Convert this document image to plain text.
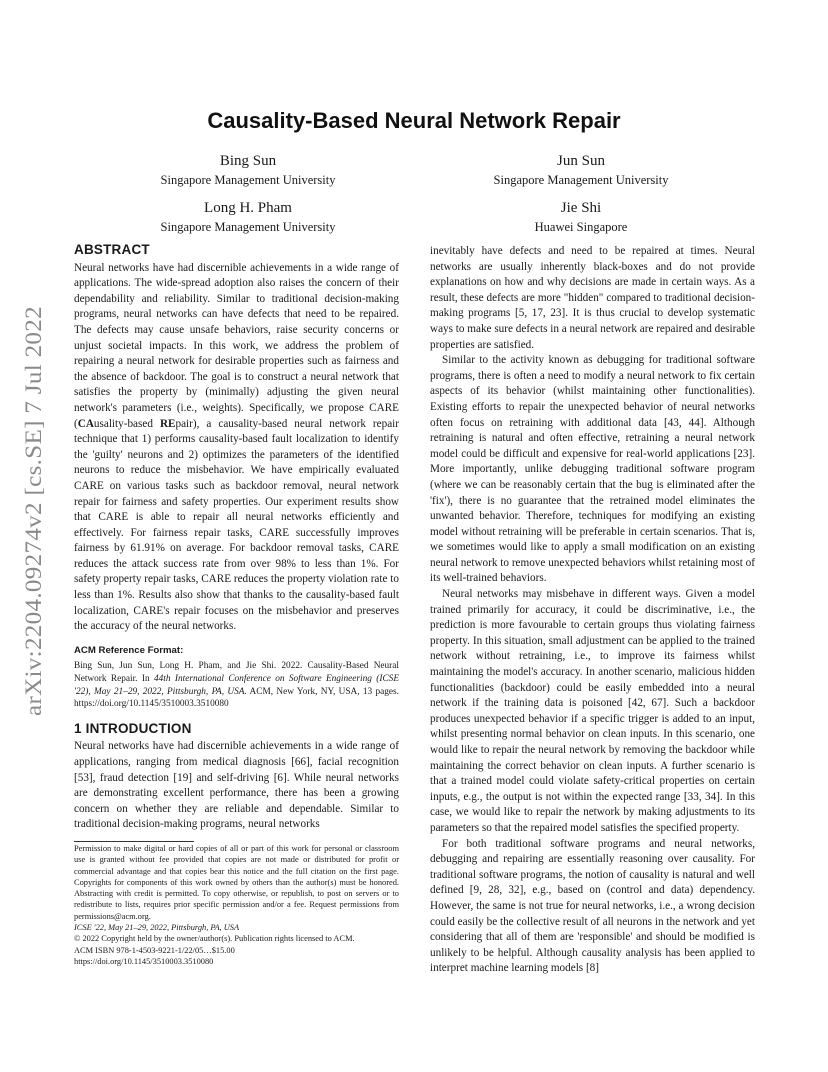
arXiv:2204.09274v2 [cs.SE] 7 Jul 2022
Causality-Based Neural Network Repair
Bing Sun
Singapore Management University
Jun Sun
Singapore Management University
Long H. Pham
Singapore Management University
Jie Shi
Huawei Singapore
ABSTRACT

Neural networks have had discernible achievements in a wide range of applications. The wide-spread adoption also raises the concern of their dependability and reliability. Similar to traditional decision-making programs, neural networks can have defects that need to be repaired. The defects may cause unsafe behaviors, raise security concerns or unjust societal impacts. In this work, we address the problem of repairing a neural network for desirable properties such as fairness and the absence of backdoor. The goal is to construct a neural network that satisfies the property by (minimally) adjusting the given neural network's parameters (i.e., weights). Specifically, we propose CARE (CAusality-based REpair), a causality-based neural network repair technique that 1) performs causality-based fault localization to identify the 'guilty' neurons and 2) optimizes the parameters of the identified neurons to reduce the misbehavior. We have empirically evaluated CARE on various tasks such as backdoor removal, neural network repair for fairness and safety properties. Our experiment results show that CARE is able to repair all neural networks efficiently and effectively. For fairness repair tasks, CARE successfully improves fairness by 61.91% on average. For backdoor removal tasks, CARE reduces the attack success rate from over 98% to less than 1%. For safety property repair tasks, CARE reduces the property violation rate to less than 1%. Results also show that thanks to the causality-based fault localization, CARE's repair focuses on the misbehavior and preserves the accuracy of the neural networks.

ACM Reference Format:

Bing Sun, Jun Sun, Long H. Pham, and Jie Shi. 2022. Causality-Based Neural Network Repair. In 44th International Conference on Software Engineering (ICSE '22), May 21–29, 2022, Pittsburgh, PA, USA. ACM, New York, NY, USA, 13 pages. https://doi.org/10.1145/3510003.3510080

1 INTRODUCTION

Neural networks have had discernible achievements in a wide range of applications, ranging from medical diagnosis [66], facial recognition [53], fraud detection [19] and self-driving [6]. While neural networks are demonstrating excellent performance, there has been a growing concern on whether they are reliable and dependable. Similar to traditional decision-making programs, neural networks

Permission to make digital or hard copies of all or part of this work for personal or classroom use is granted without fee provided that copies are not made or distributed for profit or commercial advantage and that copies bear this notice and the full citation on the first page. Copyrights for components of this work owned by others than the author(s) must be honored. Abstracting with credit is permitted. To copy otherwise, or republish, to post on servers or to redistribute to lists, requires prior specific permission and/or a fee. Request permissions from permissions@acm.org.

ICSE '22, May 21–29, 2022, Pittsburgh, PA, USA

© 2022 Copyright held by the owner/author(s). Publication rights licensed to ACM.

ACM ISBN 978-1-4503-9221-1/22/05…$15.00

https://doi.org/10.1145/3510003.3510080

inevitably have defects and need to be repaired at times. Neural networks are usually inherently black-boxes and do not provide explanations on how and why decisions are made in certain ways. As a result, these defects are more "hidden" compared to traditional decision-making programs [5, 17, 23]. It is thus crucial to develop systematic ways to make sure defects in a neural network are repaired and desirable properties are satisfied.

Similar to the activity known as debugging for traditional software programs, there is often a need to modify a neural network to fix certain aspects of its behavior (whilst maintaining other functionalities). Existing efforts to repair the unexpected behavior of neural networks often focus on retraining with additional data [43, 44]. Although retraining is natural and often effective, retraining a neural network model could be difficult and expensive for real-world applications [23]. More importantly, unlike debugging traditional software program (where we can be reasonably certain that the bug is eliminated after the 'fix'), there is no guarantee that the retrained model eliminates the unwanted behavior. Therefore, techniques for modifying an existing model without retraining will be preferable in certain scenarios. That is, we sometimes would like to apply a small modification on an existing neural network to remove unexpected behaviors whilst retaining most of its well-trained behaviors.

Neural networks may misbehave in different ways. Given a model trained primarily for accuracy, it could be discriminative, i.e., the prediction is more favourable to certain groups thus violating fairness property. In this situation, small adjustment can be applied to the trained network without retraining, i.e., to improve its fairness whilst maintaining the model's accuracy. In another scenario, malicious hidden functionalities (backdoor) could be easily embedded into a neural network if the training data is poisoned [42, 67]. Such a backdoor produces unexpected behavior if a specific trigger is added to an input, whilst presenting normal behavior on clean inputs. In this scenario, one would like to repair the neural network by removing the backdoor while maintaining the correct behavior on clean inputs. A further scenario is that a trained model could violate safety-critical properties on certain inputs, e.g., the output is not within the expected range [33, 34]. In this case, we would like to repair the network by making adjustments to its parameters so that the repaired model satisfies the specified property.

For both traditional software programs and neural networks, debugging and repairing are essentially reasoning over causality. For traditional software programs, the notion of causality is natural and well defined [9, 28, 32], e.g., based on (control and data) dependency. However, the same is not true for neural networks, i.e., a wrong decision could easily be the collective result of all neurons in the network and yet considering that all of them are 'responsible' and should be modified is unlikely to be helpful. Although causality analysis has been applied to interpret machine learning models [8]
